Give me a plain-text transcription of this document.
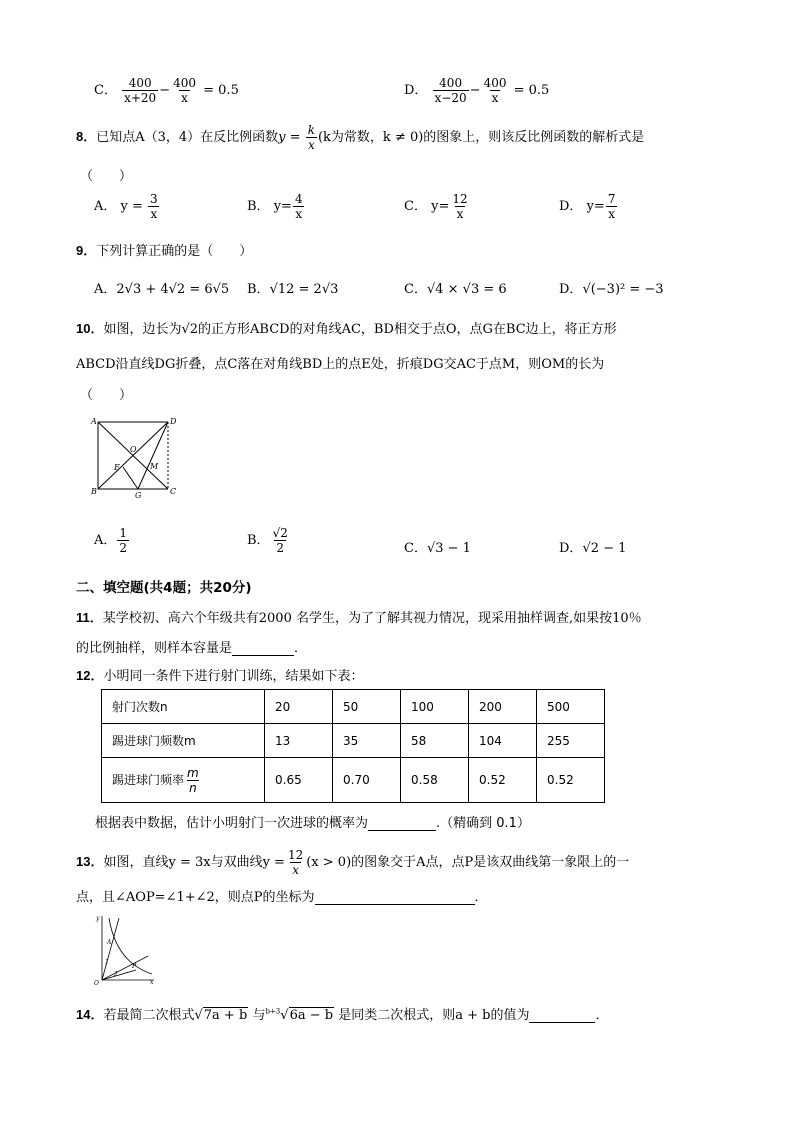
C． $\frac{400}{x+20} - \frac{400}{x} = 0.5$	D． $\frac{400}{x-20} - \frac{400}{x} = 0.5$
8．已知点A（3，4）在反比例函数$y = \frac{k}{x} (k$为常数，k ≠ 0)的图象上，则该反比例函数的解析式是
（　　）
A． $y = \frac{3}{x}$	B． $y= \frac{4}{x}$	C． $y= \frac{12}{x}$	D． $y= \frac{7}{x}$
9．下列计算正确的是（　　）
A．2√3 + 4√2 = 6√5 B．√12 = 2√3	C．√4 × √3 = 6	D．√(−3)² = −3
10．如图，边长为√2的正方形ABCD的对角线AC，BD相交于点O，点G在BC边上，将正方形
ABCD沿直线DG折叠，点C落在对角线BD上的点E处，折痕DG交AC于点M，则OM的长为
（　　）
A	D
B	C
O
E	M
G
A． $\frac{1}{2}$	B． $\frac{√2}{2}$	C．√3 − 1	D．√2 − 1
二、填空题(共4题；共20分)
11．某学校初、高六个年级共有2000 名学生，为了了解其视力情况，现采用抽样调查,如果按10％
的比例抽样，则样本容量是	．
12．小明同一条件下进行射门训练，结果如下表：
射门次数n	20	50	100	200	500
踢进球门频数m	13	35	58	104	255
踢进球门频率 $\frac{m}{n}$	0.65	0.70	0.58	0.52	0.52
根据表中数据，估计小明射门一次进球的概率为	.（精确到 0.1）
13．如图，直线y = 3x与双曲线$y = \frac{12}{x} (x > 0)$的图象交于A点，点P是该双曲线第一象限上的一
点，且∠AOP=∠1+∠2，则点P的坐标为	．
y
x
O
A
P
1
2
14．若最简二次根式√7a + b 与$^{b+3}$√6a − b 是同类二次根式，则a + b的值为	．
